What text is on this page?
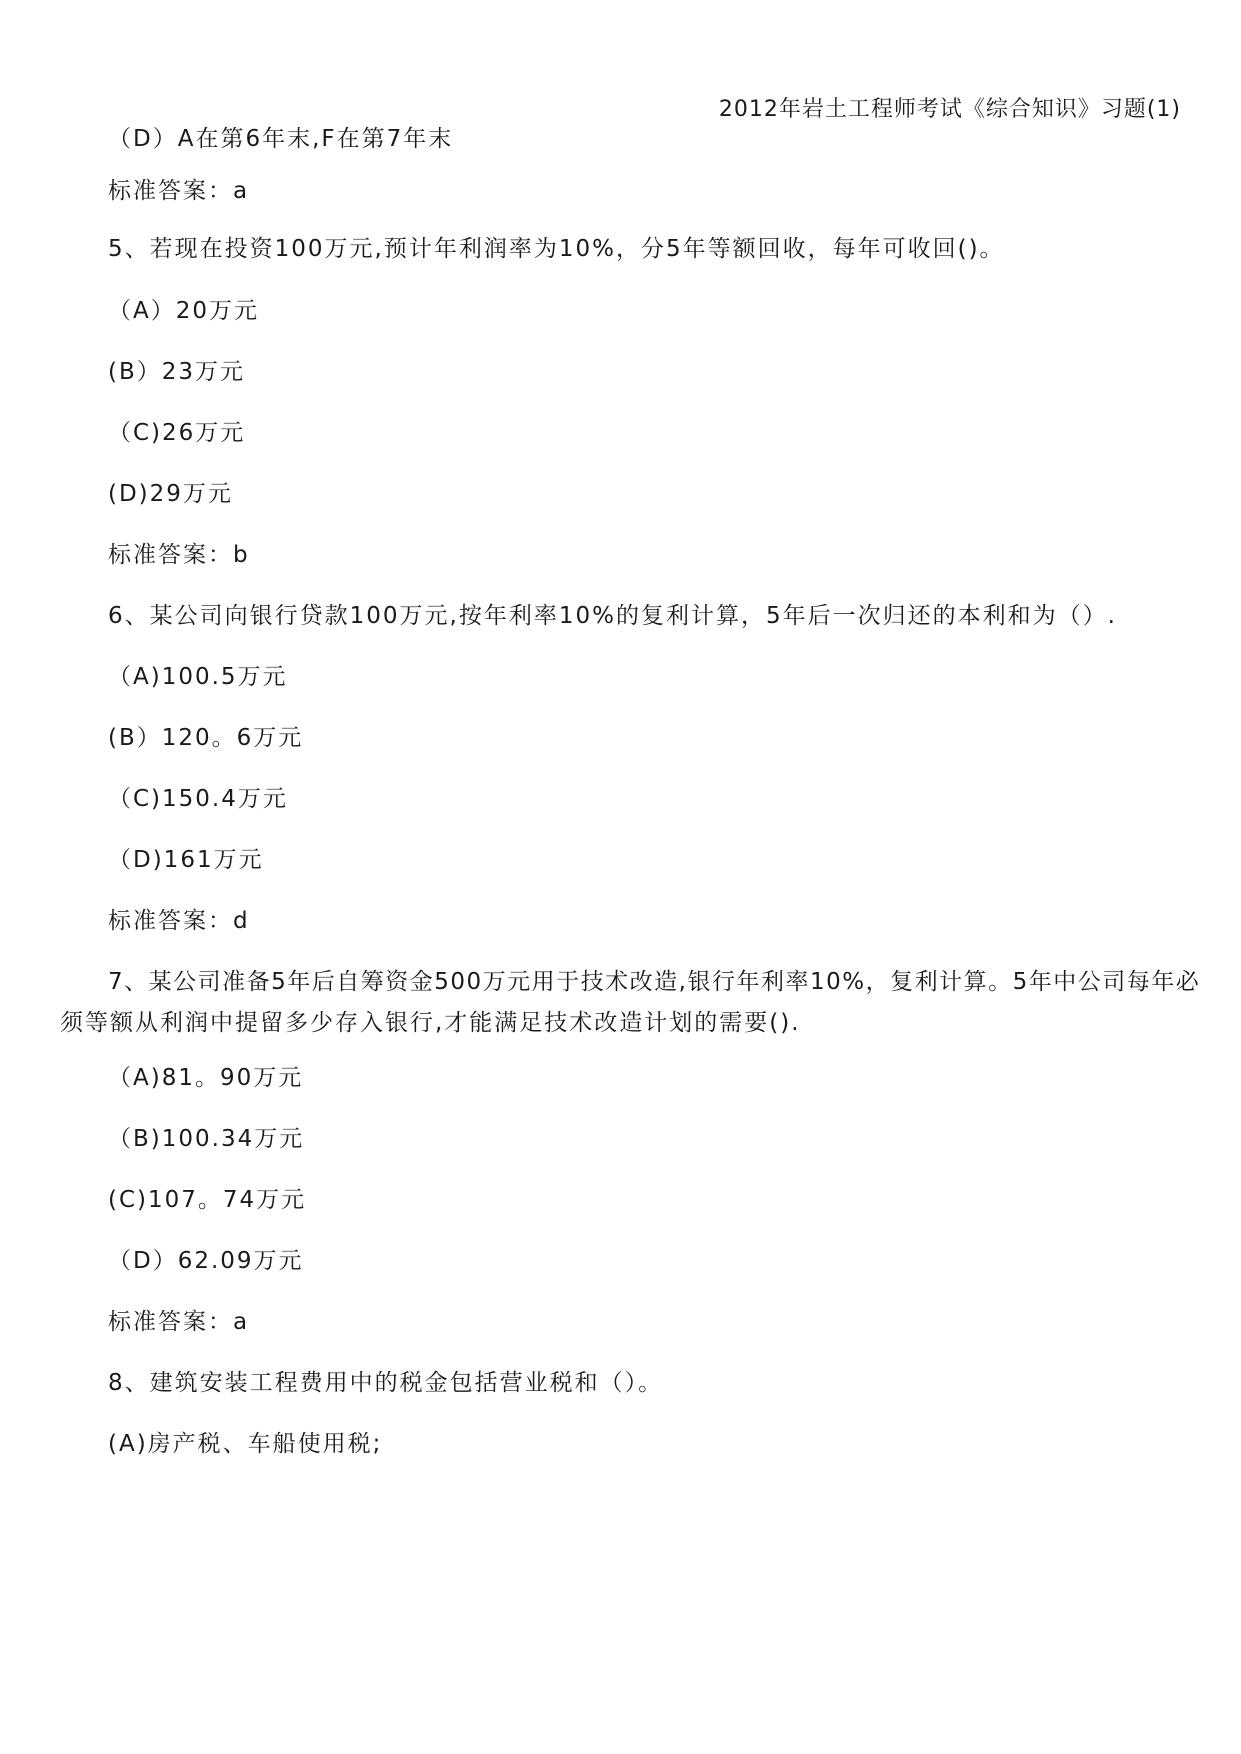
2012年岩土工程师考试《综合知识》习题(1)
（D）A在第6年末,F在第7年末
标准答案：a
5、若现在投资100万元,预计年利润率为10%，分5年等额回收，每年可收回()。
（A）20万元
(B）23万元
（C)26万元
(D)29万元
标准答案：b
6、某公司向银行贷款100万元,按年利率10%的复利计算，5年后一次归还的本利和为（）.
（A)100.5万元
(B）120。6万元
（C)150.4万元
（D)161万元
标准答案：d
7、某公司准备5年后自筹资金500万元用于技术改造,银行年利率10%，复利计算。5年中公司每年必
须等额从利润中提留多少存入银行,才能满足技术改造计划的需要().
（A)81。90万元
（B)100.34万元
(C)107。74万元
（D）62.09万元
标准答案：a
8、建筑安装工程费用中的税金包括营业税和（）。
(A)房产税、车船使用税;
